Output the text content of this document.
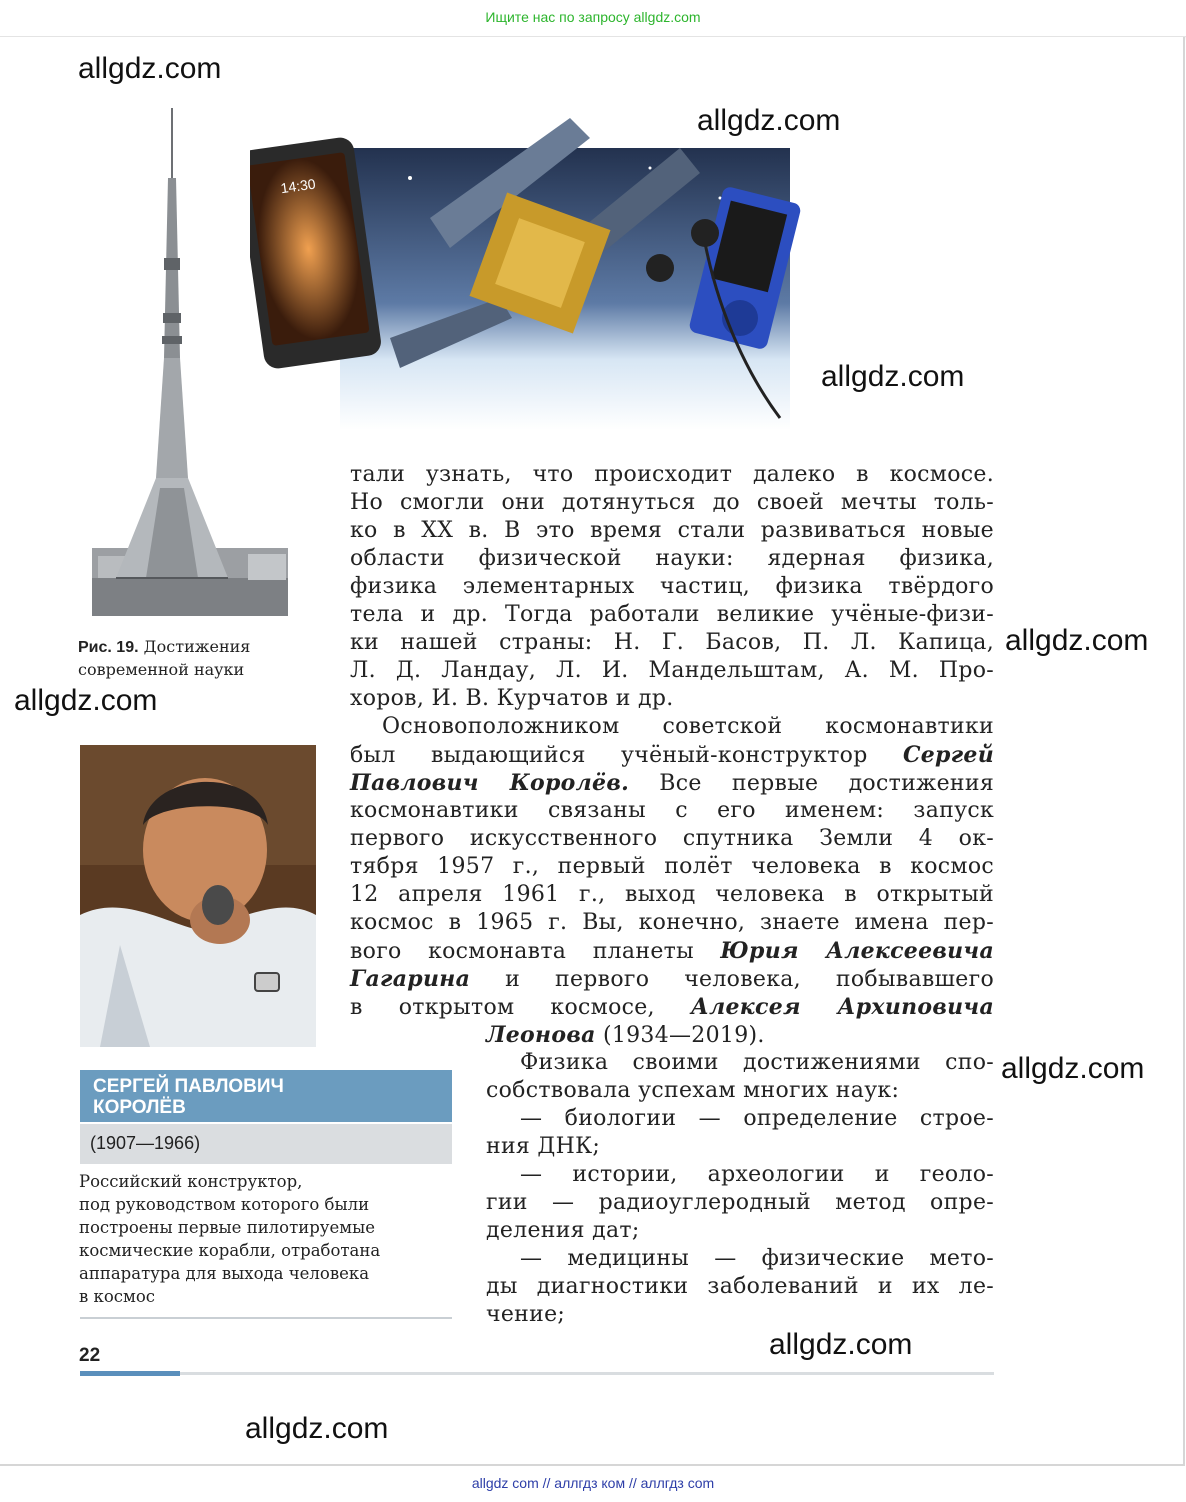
Ищите нас по запросу allgdz.com
14:30
Рис. 19. Достижения
современной науки
СЕРГЕЙ ПАВЛОВИЧ
КОРОЛЁВ
(1907—1966)
Российский конструктор,
под руководством которого были
построены первые пилотируемые
космические корабли, отработана
аппаратура для выхода человека
в космос
тали узнать, что происходит далеко в космосе.
Но смогли они дотянуться до своей мечты толь-
ко в XX в. В это время стали развиваться новые
области физической науки: ядерная физика,
физика элементарных частиц, физика твёрдого
тела и др. Тогда работали великие учёные-физи-
ки нашей страны: Н. Г. Басов, П. Л. Капица,
Л. Д. Ландау, Л. И. Мандельштам, А. М. Про-
хоров, И. В. Курчатов и др.
Основоположником советской космонавтики
был выдающийся учёный-конструктор Сергей
Павлович Королёв. Все первые достижения
космонавтики связаны с его именем: запуск
первого искусственного спутника Земли 4 ок-
тября 1957 г., первый полёт человека в космос
12 апреля 1961 г., выход человека в открытый
космос в 1965 г. Вы, конечно, знаете имена пер-
вого космонавта планеты Юрия Алексеевича
Гагарина и первого человека, побывавшего
в открытом космосе, Алексея Архиповича
Леонова (1934—2019).
Физика своими достижениями спо-
собствовала успехам многих наук:
— биологии — определение строе-
ния ДНК;
— истории, археологии и геоло-
гии — радиоуглеродный метод опре-
деления дат;
— медицины — физические мето-
ды диагностики заболеваний и их ле-
чение;
22
allgdz.com
allgdz.com
allgdz.com
allgdz.com
allgdz.com
allgdz.com
allgdz.com
allgdz.com
allgdz com // аллгдз ком // аллгдз com
